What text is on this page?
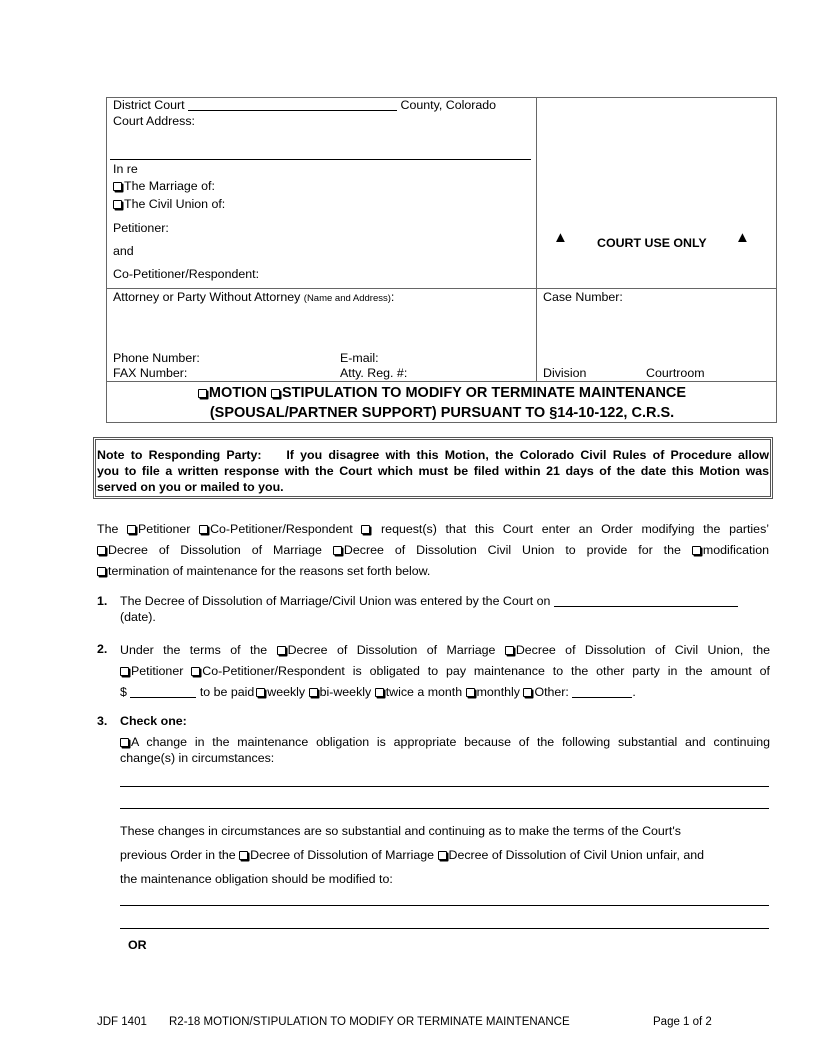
District Court	County, Colorado
Court Address:
In re
The Marriage of:
The Civil Union of:
Petitioner:
and
Co-Petitioner/Respondent:
▲ COURT USE ONLY ▲
Attorney or Party Without Attorney (Name and Address):
Phone Number:	E-mail:
FAX Number:	Atty. Reg. #:
Case Number:
Division	Courtroom
MOTION STIPULATION TO MODIFY OR TERMINATE MAINTENANCE
(SPOUSAL/PARTNER SUPPORT) PURSUANT TO §14-10-122, C.R.S.
Note to Responding Party: If you disagree with this Motion, the Colorado Civil Rules of Procedure allow
you to file a written response with the Court which must be filed within 21 days of the date this Motion was
served on you or mailed to you.
The Petitioner Co-Petitioner/Respondent request(s) that this Court enter an Order modifying the parties’
Decree of Dissolution of Marriage Decree of Dissolution Civil Union to provide for the modification
termination of maintenance for the reasons set forth below.
1. The Decree of Dissolution of Marriage/Civil Union was entered by the Court on
(date).
2. Under the terms of the Decree of Dissolution of Marriage Decree of Dissolution of Civil Union, the
Petitioner Co-Petitioner/Respondent is obligated to pay maintenance to the other party in the amount of
$	to be paid weekly bi-weekly twice a month monthly Other:	.
3. Check one:
A change in the maintenance obligation is appropriate because of the following substantial and continuing
change(s) in circumstances:
These changes in circumstances are so substantial and continuing as to make the terms of the Court's
previous Order in the Decree of Dissolution of Marriage Decree of Dissolution of Civil Union unfair, and
the maintenance obligation should be modified to:
OR
JDF 1401 R2-18 MOTION/STIPULATION TO MODIFY OR TERMINATE MAINTENANCE	Page 1 of 2
